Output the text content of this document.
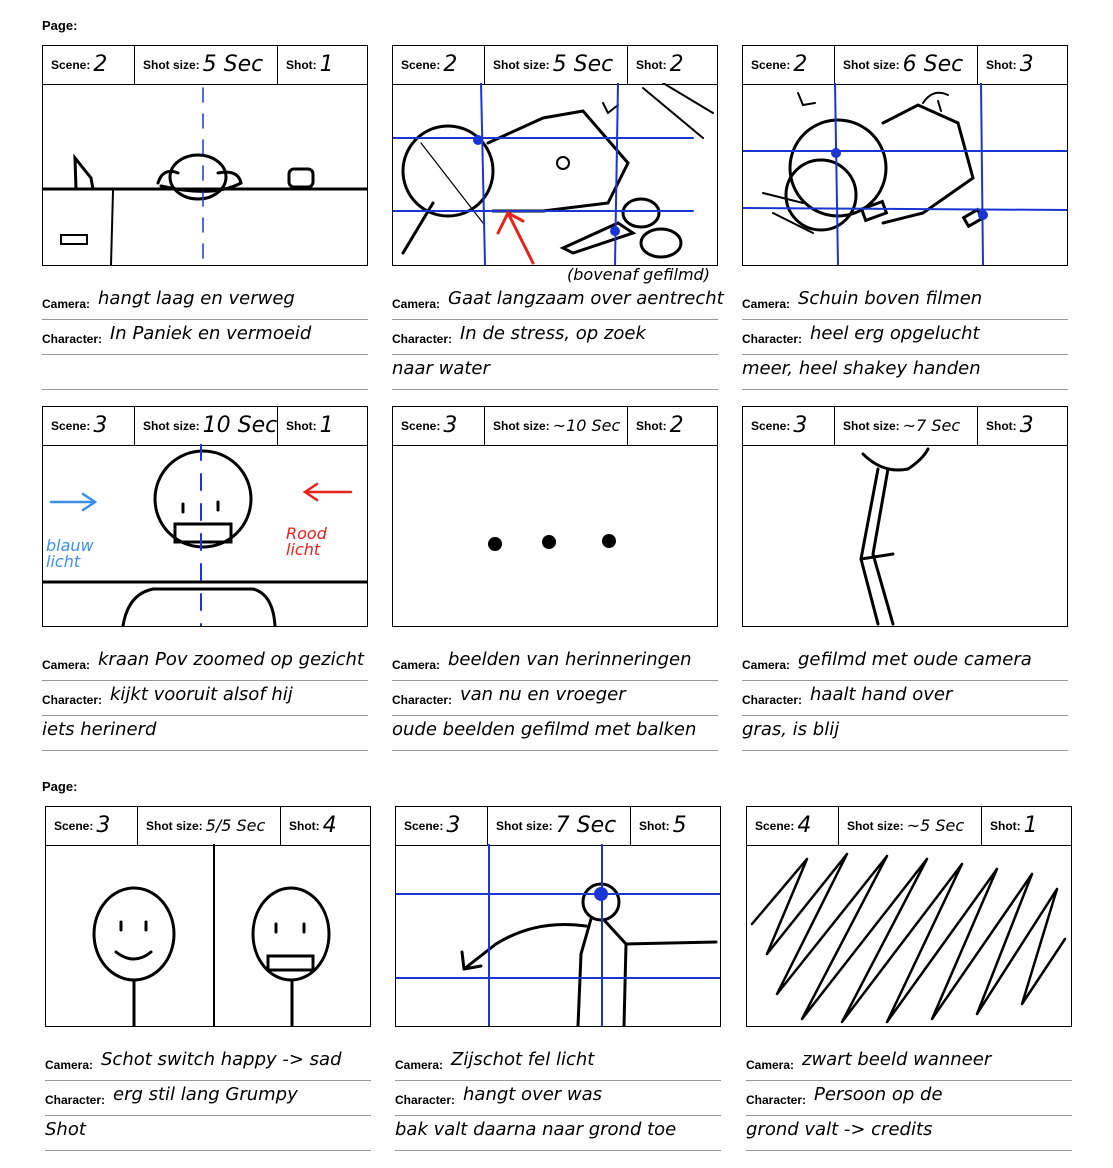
Page:
Page:
Scene: 2	Shot size: 5 Sec Shot: 1
Camera: hangt laag en verweg
Character: In Paniek en vermoeid
Scene: 2	Shot size: 5 Sec Shot: 2
(bovenaf gefilmd)
Camera: Gaat langzaam over aentrecht
Character: In de stress, op zoek
naar water
Scene: 2	Shot size: 6 Sec Shot: 3
Camera: Schuin boven filmen
Character: heel erg opgelucht
meer, heel shakey handen
Scene: 3	Shot size: 10 Sec Shot: 1
blauw licht
Rood licht
Camera: kraan Pov zoomed op gezicht
Character: kijkt vooruit alsof hij
iets herinerd
Scene: 3	Shot size: ~10 Sec Shot: 2
Camera: beelden van herinneringen
Character: van nu en vroeger
oude beelden gefilmd met balken
Scene: 3	Shot size: ~7 Sec Shot: 3
Camera: gefilmd met oude camera
Character: haalt hand over
gras, is blij
Scene: 3	Shot size: 5/5 Sec Shot: 4
Camera: Schot switch happy -> sad
Character: erg stil lang Grumpy
Shot
Scene: 3	Shot size: 7 Sec Shot: 5
Camera: Zijschot fel licht
Character: hangt over was
bak valt daarna naar grond toe
Scene: 4	Shot size: ~5 Sec Shot: 1
Camera: zwart beeld wanneer
Character: Persoon op de
grond valt -> credits
